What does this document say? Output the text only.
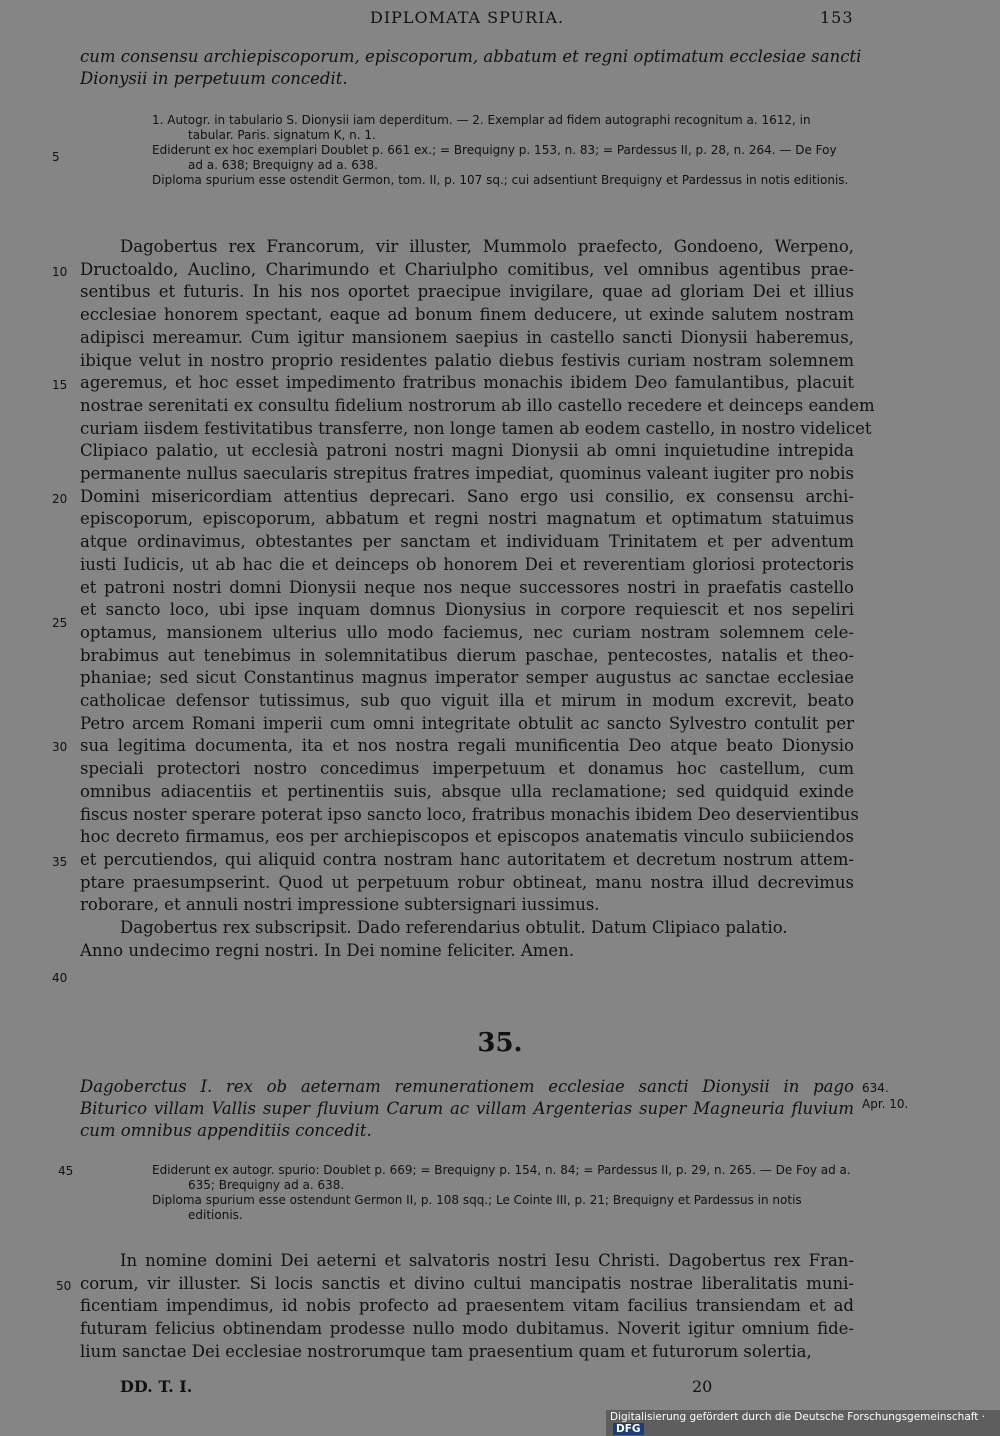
DIPLOMATA SPURIA.	153
cum consensu archiepiscoporum, episcoporum, abbatum et regni optimatum ecclesiae sancti
Dionysii in perpetuum concedit.

1. Autogr. in tabulario S. Dionysii iam deperditum. — 2. Exemplar ad fidem autographi recognitum a. 1612, in tabular. Paris. signatum K, n. 1.

Ediderunt ex hoc exemplari Doublet p. 661 ex.; = Brequigny p. 153, n. 83; = Pardessus II, p. 28, n. 264. — De Foy ad a. 638; Brequigny ad a. 638.

Diploma spurium esse ostendit Germon, tom. II, p. 107 sq.; cui adsentiunt Brequigny et Pardessus in notis editionis.

5
Dagobertus rex Francorum, vir illuster, Mummolo praefecto, Gondoeno, Werpeno,
Dructoaldo, Auclino, Charimundo et Chariulpho comitibus, vel omnibus agentibus prae-
sentibus et futuris. In his nos oportet praecipue invigilare, quae ad gloriam Dei et illius
ecclesiae honorem spectant, eaque ad bonum finem deducere, ut exinde salutem nostram
adipisci mereamur. Cum igitur mansionem saepius in castello sancti Dionysii haberemus,
ibique velut in nostro proprio residentes palatio diebus festivis curiam nostram solemnem
ageremus, et hoc esset impedimento fratribus monachis ibidem Deo famulantibus, placuit
nostrae serenitati ex consultu fidelium nostrorum ab illo castello recedere et deinceps eandem
curiam iisdem festivitatibus transferre, non longe tamen ab eodem castello, in nostro videlicet
Clipiaco palatio, ut ecclesià patroni nostri magni Dionysii ab omni inquietudine intrepida
permanente nullus saecularis strepitus fratres impediat, quominus valeant iugiter pro nobis
Domini misericordiam attentius deprecari. Sano ergo usi consilio, ex consensu archi-
episcoporum, episcoporum, abbatum et regni nostri magnatum et optimatum statuimus
atque ordinavimus, obtestantes per sanctam et individuam Trinitatem et per adventum
iusti Iudicis, ut ab hac die et deinceps ob honorem Dei et reverentiam gloriosi protectoris
et patroni nostri domni Dionysii neque nos neque successores nostri in praefatis castello
et sancto loco, ubi ipse inquam domnus Dionysius in corpore requiescit et nos sepeliri
optamus, mansionem ulterius ullo modo faciemus, nec curiam nostram solemnem cele-
brabimus aut tenebimus in solemnitatibus dierum paschae, pentecostes, natalis et theo-
phaniae; sed sicut Constantinus magnus imperator semper augustus ac sanctae ecclesiae
catholicae defensor tutissimus, sub quo viguit illa et mirum in modum excrevit, beato
Petro arcem Romani imperii cum omni integritate obtulit ac sancto Sylvestro contulit per
sua legitima documenta, ita et nos nostra regali munificentia Deo atque beato Dionysio
speciali protectori nostro concedimus imperpetuum et donamus hoc castellum, cum
omnibus adiacentiis et pertinentiis suis, absque ulla reclamatione; sed quidquid exinde
fiscus noster sperare poterat ipso sancto loco, fratribus monachis ibidem Deo deservientibus
hoc decreto firmamus, eos per archiepiscopos et episcopos anatematis vinculo subiiciendos
et percutiendos, qui aliquid contra nostram hanc autoritatem et decretum nostrum attem-
ptare praesumpserint. Quod ut perpetuum robur obtineat, manu nostra illud decrevimus
roborare, et annuli nostri impressione subtersignari iussimus.
Dagobertus rex subscripsit. Dado referendarius obtulit. Datum Clipiaco palatio.
Anno undecimo regni nostri. In Dei nomine feliciter. Amen.
10
15
20
25
30
35
40
35.
Dagoberctus I. rex ob aeternam remunerationem ecclesiae sancti Dionysii in pago
Biturico villam Vallis super fluvium Carum ac villam Argenterias super Magneuria fluvium
cum omnibus appenditiis concedit.
634.
Apr. 10.

Ediderunt ex autogr. spurio: Doublet p. 669; = Brequigny p. 154, n. 84; = Pardessus II, p. 29, n. 265. — De Foy ad a. 635; Brequigny ad a. 638.

Diploma spurium esse ostendunt Germon II, p. 108 sqq.; Le Cointe III, p. 21; Brequigny et Pardessus in notis editionis.

45
In nomine domini Dei aeterni et salvatoris nostri Iesu Christi. Dagobertus rex Fran-
corum, vir illuster. Si locis sanctis et divino cultui mancipatis nostrae liberalitatis muni-
ficentiam impendimus, id nobis profecto ad praesentem vitam facilius transiendam et ad
futuram felicius obtinendam prodesse nullo modo dubitamus. Noverit igitur omnium fide-
lium sanctae Dei ecclesiae nostrorumque tam praesentium quam et futurorum solertia,
50
DD. T. I.	20
Digitalisierung gefördert durch die Deutsche Forschungsgemeinschaft ·DFG
